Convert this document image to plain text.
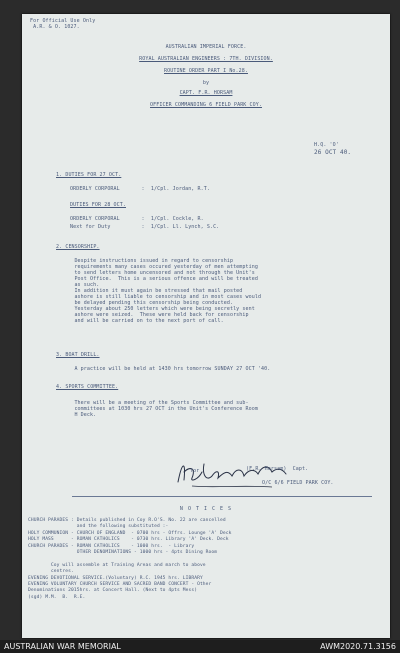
For Official Use Only
A.R. & O. 1027.
AUSTRALIAN IMPERIAL FORCE.
ROYAL AUSTRALIAN ENGINEERS : 7TH. DIVISION.
ROUTINE ORDER PART I No.28.
by
CAPT. F.R. HORSAM
OFFICER COMMANDING 6 FIELD PARK COY.
H.Q. 'O'
26 OCT 40.
1. DUTIES FOR 27 OCT.
ORDERLY CORPORAL       :  1/Cpl. Jordan, R.T.
DUTIES FOR 28 OCT.
ORDERLY CORPORAL       :  1/Cpl. Cockle, R.
Next for Duty          :  1/Cpl. Ll. Lynch, S.C.
2. CENSORSHIP.
Despite instructions issued in regard to censorship
requirements many cases occured yesterday of men attempting
to send letters home uncensored and not through the Unit's
Post Office.  This is a serious offence and will be treated
as such.
In addition it must again be stressed that mail posted
ashore is still liable to censorship and in most cases would
be delayed pending this censorship being conducted.
Yesterday about 250 letters which were being secretly sent
ashore were seized.  These were held back for censorship
and will be carried on to the next port of call.
3. BOAT DRILL.
A practice will be held at 1430 hrs tomorrow SUNDAY 27 OCT '40.
4. SPORTS COMMITTEE.
There will be a meeting of the Sports Committee and sub-
committees at 1030 hrs 27 OCT in the Unit's Conference Room
H Deck.
for	(F.R. Horsam)  Capt.
O/C 6/6 FIELD PARK COY.
N O T I C E S
CHURCH PARADES : Details published in Coy R.O'S. No. 22 are cancelled
and the following substituted :-
HOLY COMMUNION - CHURCH OF ENGLAND  - 0700 hrs - Offrs. Lounge 'A' Deck
HOLY MASS      - ROMAN CATHOLICS    - 0730 hrs. Library 'A' Deck. Deck
CHURCH PARADES - ROMAN CATHOLICS    - 1000 hrs.  - Library
OTHER DENOMINATIONS - 1000 hrs - 4pts Dining Room

Coy will assemble at Training Areas and march to above
centres.
EVENING DEVOTIONAL SERVICE.(Voluntary) R.C. 1945 hrs. LIBRARY
EVENING VOLUNTARY CHURCH SERVICE AND SACRED BAND CONCERT - Other
Denominations 2015hrs. at Concert Hall. (Next to 4pts Mess)
(sgd) M.M.  B.  R.E.
AUSTRALIAN WAR MEMORIAL	AWM2020.71.3156
